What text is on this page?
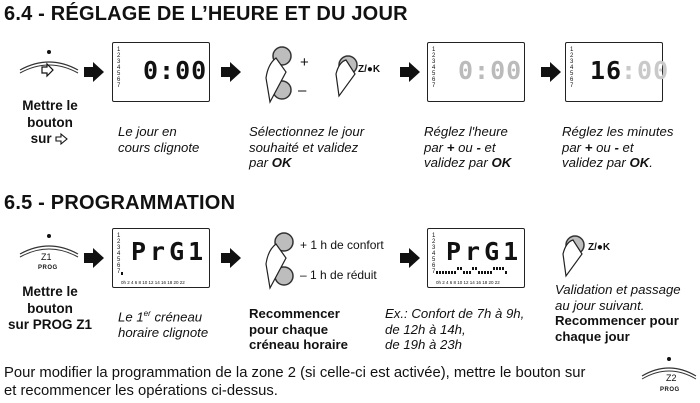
6.4 - RÉGLAGE DE L’HEURE ET DU JOUR
1
2
3
4
5
6
7
0:00	+
–
Z/●K
1
2
3
4
5
6
7
0:00
1
2
3
4
5
6
7
16
:00
Mettre le
bouton
sur	Le jour en
cours clignote
Sélectionnez le jour
souhaité et validez
par OK
Réglez l'heure
par + ou - et
validez par OK
Réglez les minutes
par + ou - et
validez par OK.
6.5 - PROGRAMMATION
Z1
PROG
1
2
3
4
5
6
7
PrG1
0h 2 4 6 8 10 12 14 16 18 20 22
+ 1 h de confort
– 1 h de réduit
1
2
3
4
5
6
7
PrG1
0h 2 4 6 8 10 12 14 16 18 20 22
Z/●K
Mettre le
bouton
sur PROG Z1
Le 1er créneau
horaire clignote
Recommencer
pour chaque
créneau horaire
Ex.: Confort de 7h à 9h,
de 12h à 14h,
de 19h à 23h
Validation et passage
au jour suivant.
Recommencer pour
chaque jour
Pour modifier la programmation de la zone 2 (si celle-ci est activée), mettre le bouton sur
et recommencer les opérations ci-dessus.
Z2
PROG
